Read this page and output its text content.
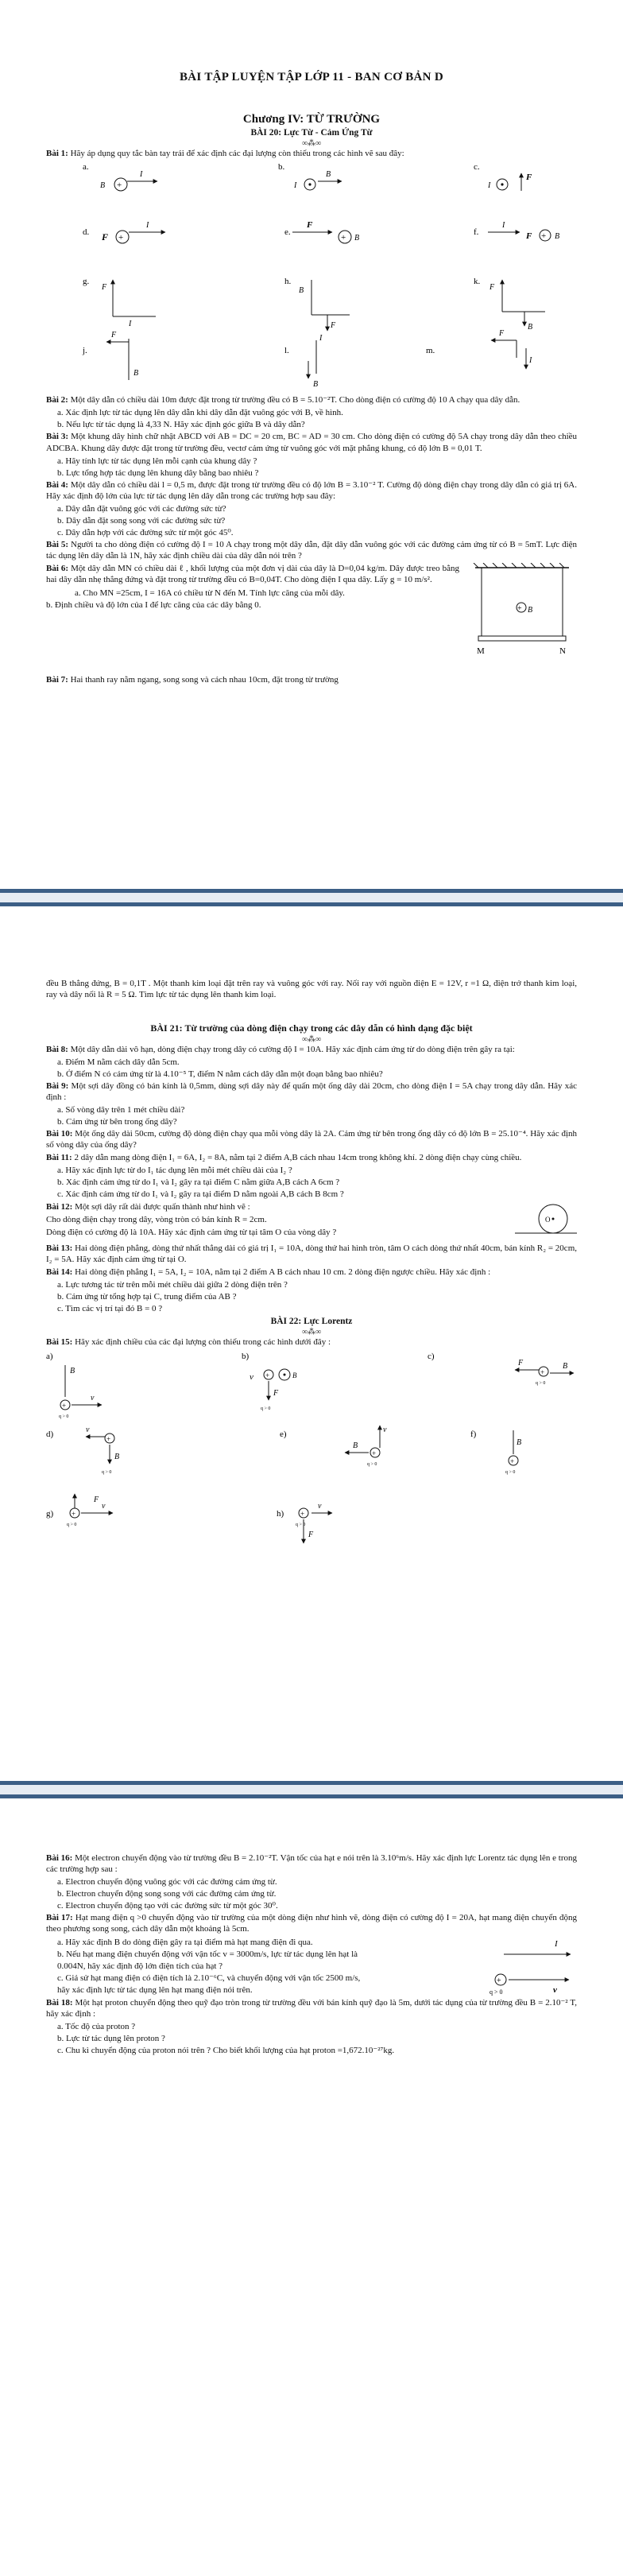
BÀI TẬP LUYỆN TẬP LỚP 11 - BAN CƠ BẢN D
Chương IV: TỪ TRƯỜNG
BÀI 20: Lực Từ - Cảm Ứng Từ
∞⁂∞

Bài 1: Hãy áp dụng quy tắc bàn tay trái để xác định các đại lượng còn thiếu trong các hình vẽ sau đây:

a.	b.	c.
B⃗ +
I
I
B⃗
I
F⃗
d.	e.	f.
F⃗ +
I	F⃗
+ B⃗
I
F⃗ + B⃗
g.	h.	k.
F⃗
I
B⃗
F⃗
F⃗
B⃗
j.	l.	m.
F⃗
B⃗
I
B⃗
F⃗
I

Bài 2: Một dây dẫn có chiều dài 10m được đặt trong từ trường đều có B = 5.10⁻²T. Cho dòng điện có cường độ 10 A chạy qua dây dẫn.

a. Xác định lực từ tác dụng lên dây dẫn khi dây dẫn đặt vuông góc với B, về hình.

b. Nếu lực từ tác dụng là 4,33 N. Hãy xác định góc giữa B và dây dẫn?

Bài 3: Một khung dây hình chữ nhật ABCD với AB = DC = 20 cm, BC = AD = 30 cm. Cho dòng điện có cường độ 5A chạy trong dây dẫn theo chiều ADCBA. Khung dây được đặt trong từ trường đều, vectơ cảm ứng từ vuông góc với mặt phẳng khung, có độ lớn B = 0,01 T.

a. Hãy tính lực từ tác dụng lên mỗi cạnh của khung dây ?

b. Lực tổng hợp tác dụng lên khung dây bằng bao nhiêu ?

Bài 4: Một dây dẫn có chiều dài l = 0,5 m, được đặt trong từ trường đều có độ lớn B = 3.10⁻² T. Cường độ dòng điện chạy trong dây dẫn có giá trị 6A. Hãy xác định độ lớn của lực từ tác dụng lên dây dẫn trong các trường hợp sau đây:

a. Dây dẫn đặt vuông góc với các đường sức từ?

b. Dây dẫn đặt song song với các đường sức từ?

c. Dây dẫn hợp với các đường sức từ một góc 45⁰.

Bài 5: Người ta cho dòng điện có cường độ I = 10 A chạy trong một dây dẫn, đặt dây dẫn vuông góc với các đường cảm ứng từ có B = 5mT. Lực điện tác dụng lên dây dẫn là 1N, hãy xác định chiều dài của dây dẫn nói trên ?

Bài 6: Một dây dẫn MN có chiều dài ℓ , khối lượng của một đơn vị dài của dây là D=0,04 kg/m. Dây được treo bằng hai dây dẫn nhẹ thẳng đứng và đặt trong từ trường đều có B=0,04T. Cho dòng điện I qua dây. Lấy g = 10 m/s².

a. Cho MN =25cm, I = 16A có chiều từ N đến M. Tính lực căng của mỗi dây.

b. Định chiều và độ lớn của I để lực căng của các dây bằng 0.	+ B
M	N

Bài 7: Hai thanh ray nằm ngang, song song và cách nhau 10cm, đặt trong từ trường

đều B thẳng đứng, B = 0,1T . Một thanh kim loại đặt trên ray và vuông góc với ray. Nối ray với nguồn điện E = 12V, r =1 Ω, điện trở thanh kim loại, ray và dây nối là R = 5 Ω. Tìm lực từ tác dụng lên thanh kim loại.

BÀI 21: Từ trường của dòng điện chạy trong các dây dẫn có hình dạng đặc biệt
∞⁂∞

Bài 8: Một dây dẫn dài vô hạn, dòng điện chạy trong dây có cường độ I = 10A. Hãy xác định cảm ứng từ do dòng điện trên gây ra tại:

a. Điểm M nằm cách dây dẫn 5cm.

b. Ở điểm N có cảm ứng từ là 4.10⁻⁵ T, điểm N nằm cách dây dẫn một đoạn bằng bao nhiêu?

Bài 9: Một sợi dây đồng có bán kính là 0,5mm, dùng sợi dây này để quấn một ống dây dài 20cm, cho dòng điện I = 5A chạy trong dây dẫn. Hãy xác định :

a. Số vòng dây trên 1 mét chiều dài?

b. Cảm ứng từ bên trong ống dây?

Bài 10: Một ống dây dài 50cm, cường độ dòng điện chạy qua mỗi vòng dây là 2A. Cảm ứng từ bên trong ống dây có độ lớn B = 25.10⁻⁴. Hãy xác định số vòng dây của ống dây?

Bài 11: 2 dây dẫn mang dòng điện I₁ = 6A, I₂ = 8A, nằm tại 2 điểm A,B cách nhau 14cm trong không khí. 2 dòng điện chạy cùng chiều.

a. Hãy xác định lực từ do I₁ tác dụng lên mỗi mét chiều dài của I₂ ?

b. Xác định cảm ứng từ do I₁ và I₂ gây ra tại điểm C nằm giữa A,B cách A 6cm ?

c. Xác định cảm ứng từ do I₁ và I₂ gây ra tại điểm D nằm ngoài A,B cách B 8cm ?

Bài 12: Một sợi dây rất dài được quấn thành như hình vẽ :

Cho dòng điện chạy trong dây, vòng tròn có bán kính R = 2cm.

Dòng điện có cường độ là 10A. Hãy xác định cảm ứng từ tại tâm O của vòng dây ?

O

Bài 13: Hai dòng điện phẳng, dòng thứ nhất thẳng dài có giá trị I₁ = 10A, dòng thứ hai hình tròn, tâm O cách dòng thứ nhất 40cm, bán kính R₂ = 20cm, I₂ = 5A. Hãy xác định cảm ứng từ tại O.

Bài 14: Hai dòng điện phẳng I₁ = 5A, I₂ = 10A, nằm tại 2 điểm A B cách nhau 10 cm. 2 dòng điện ngược chiều. Hãy xác định :

a. Lực tương tác từ trên mỗi mét chiều dài giữa 2 dòng điện trên ?

b. Cảm ứng từ tổng hợp tại C, trung điểm của AB ?

c. Tìm các vị trí tại đó B = 0 ?

BÀI 22: Lực Lorentz
∞⁂∞

Bài 15: Hãy xác định chiều của các đại lượng còn thiếu trong các hình dưới đây :

a)	b)	c)
B⃗
+
q > 0
v⃗
v⃗ +
F⃗
B⃗
q > 0
F⃗
+
B⃗
q > 0
d)	e)	f)
v⃗
+
B⃗
q > 0
v⃗
+
B⃗
q > 0
B⃗
+
q > 0
g)	h)
+
v⃗
F⃗
q > 0
v⃗
+
F⃗
q > 0

Bài 16: Một electron chuyển động vào từ trường đều B = 2.10⁻²T. Vận tốc của hạt e nói trên là 3.10⁶m/s. Hãy xác định lực Lorentz tác dụng lên e trong các trường hợp sau :

a. Electron chuyển động vuông góc với các đường cảm ứng từ.

b. Electron chuyển động song song với các đường cảm ứng từ.

c. Electron chuyển động tạo với các đường sức từ một góc 30⁰.

Bài 17: Hạt mang điện q >0 chuyển động vào từ trường của một dòng điện như hình vẽ, dòng điện có cường độ I = 20A, hạt mang điện chuyển động theo phương song song, cách dây dẫn một khoảng là 5cm.

a. Hãy xác định B do dòng điện gây ra tại điểm mà hạt mang điện đi qua.

b. Nếu hạt mang điện chuyển động với vận tốc v = 3000m/s, lực từ tác dụng lên hạt là

0.004N, hãy xác định độ lớn điện tích của hạt ?

c. Giả sử hạt mang điện có điện tích là 2.10⁻⁶C, và chuyển động với vận tốc 2500 m/s,

hãy xác định lực từ tác dụng lên hạt mang điện nói trên.

I
+
v
q > 0

Bài 18: Một hạt proton chuyển động theo quỹ đạo tròn trong từ trường đều với bán kính quỹ đạo là 5m, dưới tác dụng của từ trường đều B = 2.10⁻² T, hãy xác định :

a. Tốc độ của proton ?

b. Lực từ tác dụng lên proton ?

c. Chu kì chuyển động của proton nói trên ? Cho biết khối lượng của hạt proton =1,672.10⁻²⁷kg.
